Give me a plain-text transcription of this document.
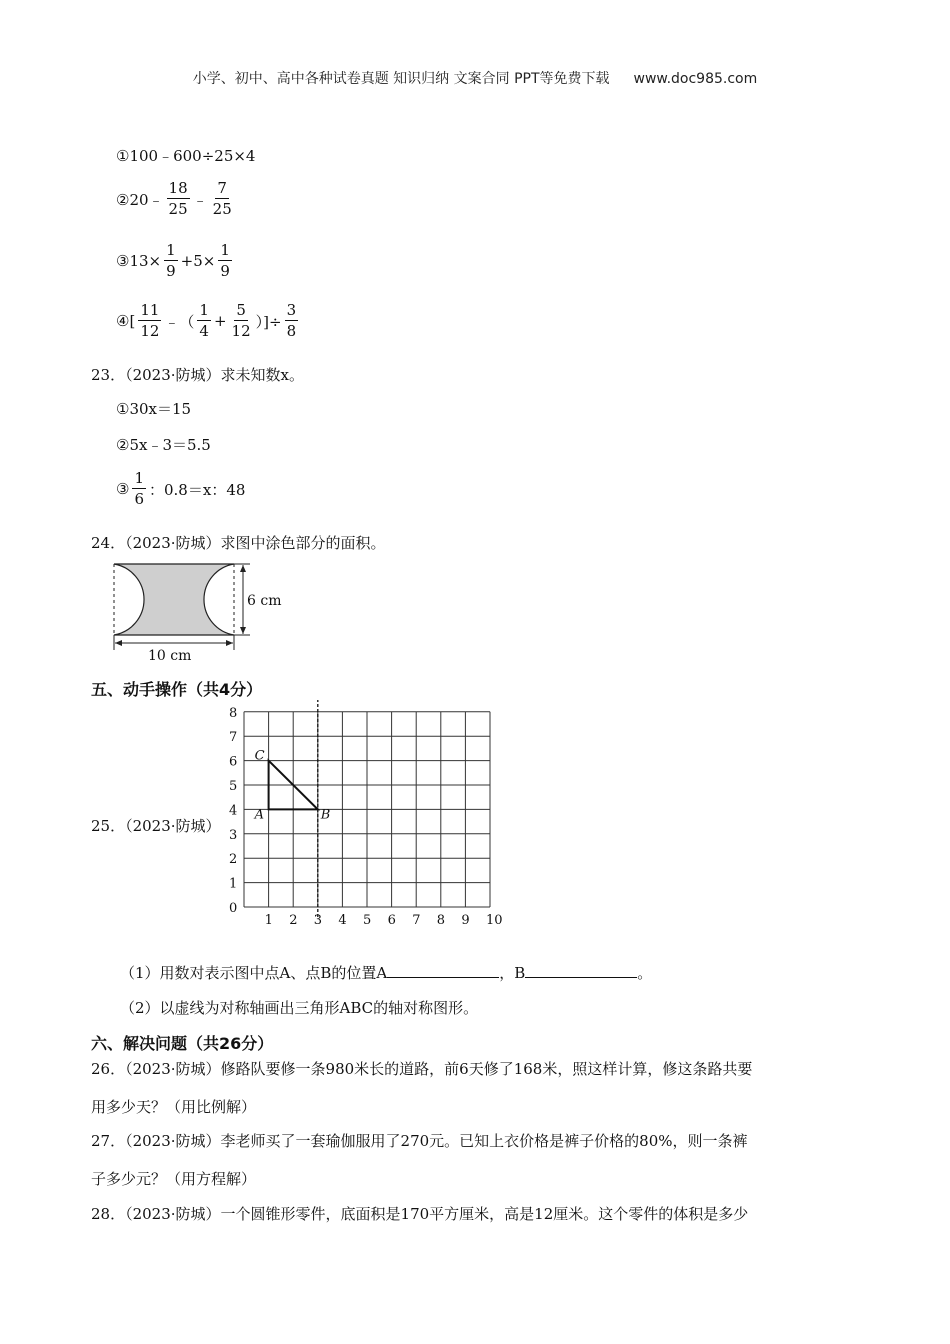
小学、初中、高中各种试卷真题 知识归纳 文案合同 PPT等免费下载 www.doc985.com
①100﹣600÷25×4
②20﹣ $\frac{18}{25}$ ﹣ $\frac{7}{25}$
③13× $\frac{1}{9} +5\times \frac{1}{9}$
④[ $\frac{11}{12}$ ﹣（ $\frac{1}{4} + \frac{5}{12}$ ）]÷ $\frac{3}{8}$
23．（2023·防城）求未知数x。
①30x＝15
②5x﹣3＝5.5
③ $\frac{1}{6}$ ：0.8＝x：48
24．（2023·防城）求图中涂色部分的面积。
6 cm
10 cm
五、动手操作（共4分）
25．（2023·防城）
1 2 3 4 5 6 7 8 9 10
0
1
2
3
4
5
6
7
8
A	B
C
（1）用数对表示图中点A、点B的位置A	，B	。
（2）以虚线为对称轴画出三角形ABC的轴对称图形。
六、解决问题（共26分）
26．（2023·防城）修路队要修一条980米长的道路，前6天修了168米，照这样计算，修这条路共要
用多少天？（用比例解）
27．（2023·防城）李老师买了一套瑜伽服用了270元。已知上衣价格是裤子价格的80%，则一条裤
子多少元？（用方程解）
28．（2023·防城）一个圆锥形零件，底面积是170平方厘米，高是12厘米。这个零件的体积是多少
